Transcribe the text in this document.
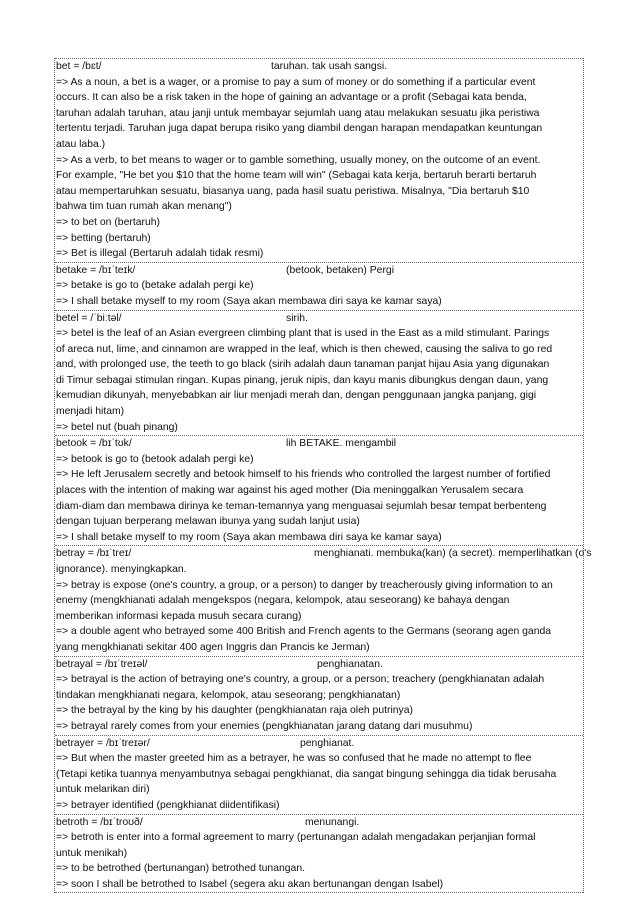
bet = /bɛt/	taruhan. tak usah sangsi.
=> As a noun, a bet is a wager, or a promise to pay a sum of money or do something if a particular event
occurs. It can also be a risk taken in the hope of gaining an advantage or a profit (Sebagai kata benda,
taruhan adalah taruhan, atau janji untuk membayar sejumlah uang atau melakukan sesuatu jika peristiwa
tertentu terjadi. Taruhan juga dapat berupa risiko yang diambil dengan harapan mendapatkan keuntungan
atau laba.)
=> As a verb, to bet means to wager or to gamble something, usually money, on the outcome of an event.
For example, "He bet you $10 that the home team will win" (Sebagai kata kerja, bertaruh berarti bertaruh
atau mempertaruhkan sesuatu, biasanya uang, pada hasil suatu peristiwa. Misalnya, "Dia bertaruh $10
bahwa tim tuan rumah akan menang")
=> to bet on (bertaruh)
=> betting (bertaruh)
=> Bet is illegal (Bertaruh adalah tidak resmi)
betake = /bɪˈteɪk/	(betook, betaken) Pergi
=> betake is go to (betake adalah pergi ke)
=> I shall betake myself to my room (Saya akan membawa diri saya ke kamar saya)
betel = /ˈbiːtəl/	sirih.
=> betel is the leaf of an Asian evergreen climbing plant that is used in the East as a mild stimulant. Parings
of areca nut, lime, and cinnamon are wrapped in the leaf, which is then chewed, causing the saliva to go red
and, with prolonged use, the teeth to go black (sirih adalah daun tanaman panjat hijau Asia yang digunakan
di Timur sebagai stimulan ringan. Kupas pinang, jeruk nipis, dan kayu manis dibungkus dengan daun, yang
kemudian dikunyah, menyebabkan air liur menjadi merah dan, dengan penggunaan jangka panjang, gigi
menjadi hitam)
=> betel nut (buah pinang)
betook = /bɪˈtʊk/	lih BETAKE. mengambil
=> betook is go to (betook adalah pergi ke)
=> He left Jerusalem secretly and betook himself to his friends who controlled the largest number of fortified
places with the intention of making war against his aged mother (Dia meninggalkan Yerusalem secara
diam-diam dan membawa dirinya ke teman-temannya yang menguasai sejumlah besar tempat berbenteng
dengan tujuan berperang melawan ibunya yang sudah lanjut usia)
=> I shall betake myself to my room (Saya akan membawa diri saya ke kamar saya)
betray = /bɪˈtreɪ/	menghianati. membuka(kan) (a secret). memperlihatkan (o's
ignorance). menyingkapkan.
=> betray is expose (one's country, a group, or a person) to danger by treacherously giving information to an
enemy (mengkhianati adalah mengekspos (negara, kelompok, atau seseorang) ke bahaya dengan
memberikan informasi kepada musuh secara curang)
=> a double agent who betrayed some 400 British and French agents to the Germans (seorang agen ganda
yang mengkhianati sekitar 400 agen Inggris dan Prancis ke Jerman)
betrayal = /bɪˈtreɪəl/	penghianatan.
=> betrayal is the action of betraying one's country, a group, or a person; treachery (pengkhianatan adalah
tindakan mengkhianati negara, kelompok, atau seseorang; pengkhianatan)
=> the betrayal by the king by his daughter (pengkhianatan raja oleh putrinya)
=> betrayal rarely comes from your enemies (pengkhianatan jarang datang dari musuhmu)
betrayer = /bɪˈtreɪər/	penghianat.
=> But when the master greeted him as a betrayer, he was so confused that he made no attempt to flee
(Tetapi ketika tuannya menyambutnya sebagai pengkhianat, dia sangat bingung sehingga dia tidak berusaha
untuk melarikan diri)
=> betrayer identified (pengkhianat diidentifikasi)
betroth = /bɪˈtroʊð/	menunangi.
=> betroth is enter into a formal agreement to marry (pertunangan adalah mengadakan perjanjian formal
untuk menikah)
=> to be betrothed (bertunangan) betrothed tunangan.
=> soon I shall be betrothed to Isabel (segera aku akan bertunangan dengan Isabel)
